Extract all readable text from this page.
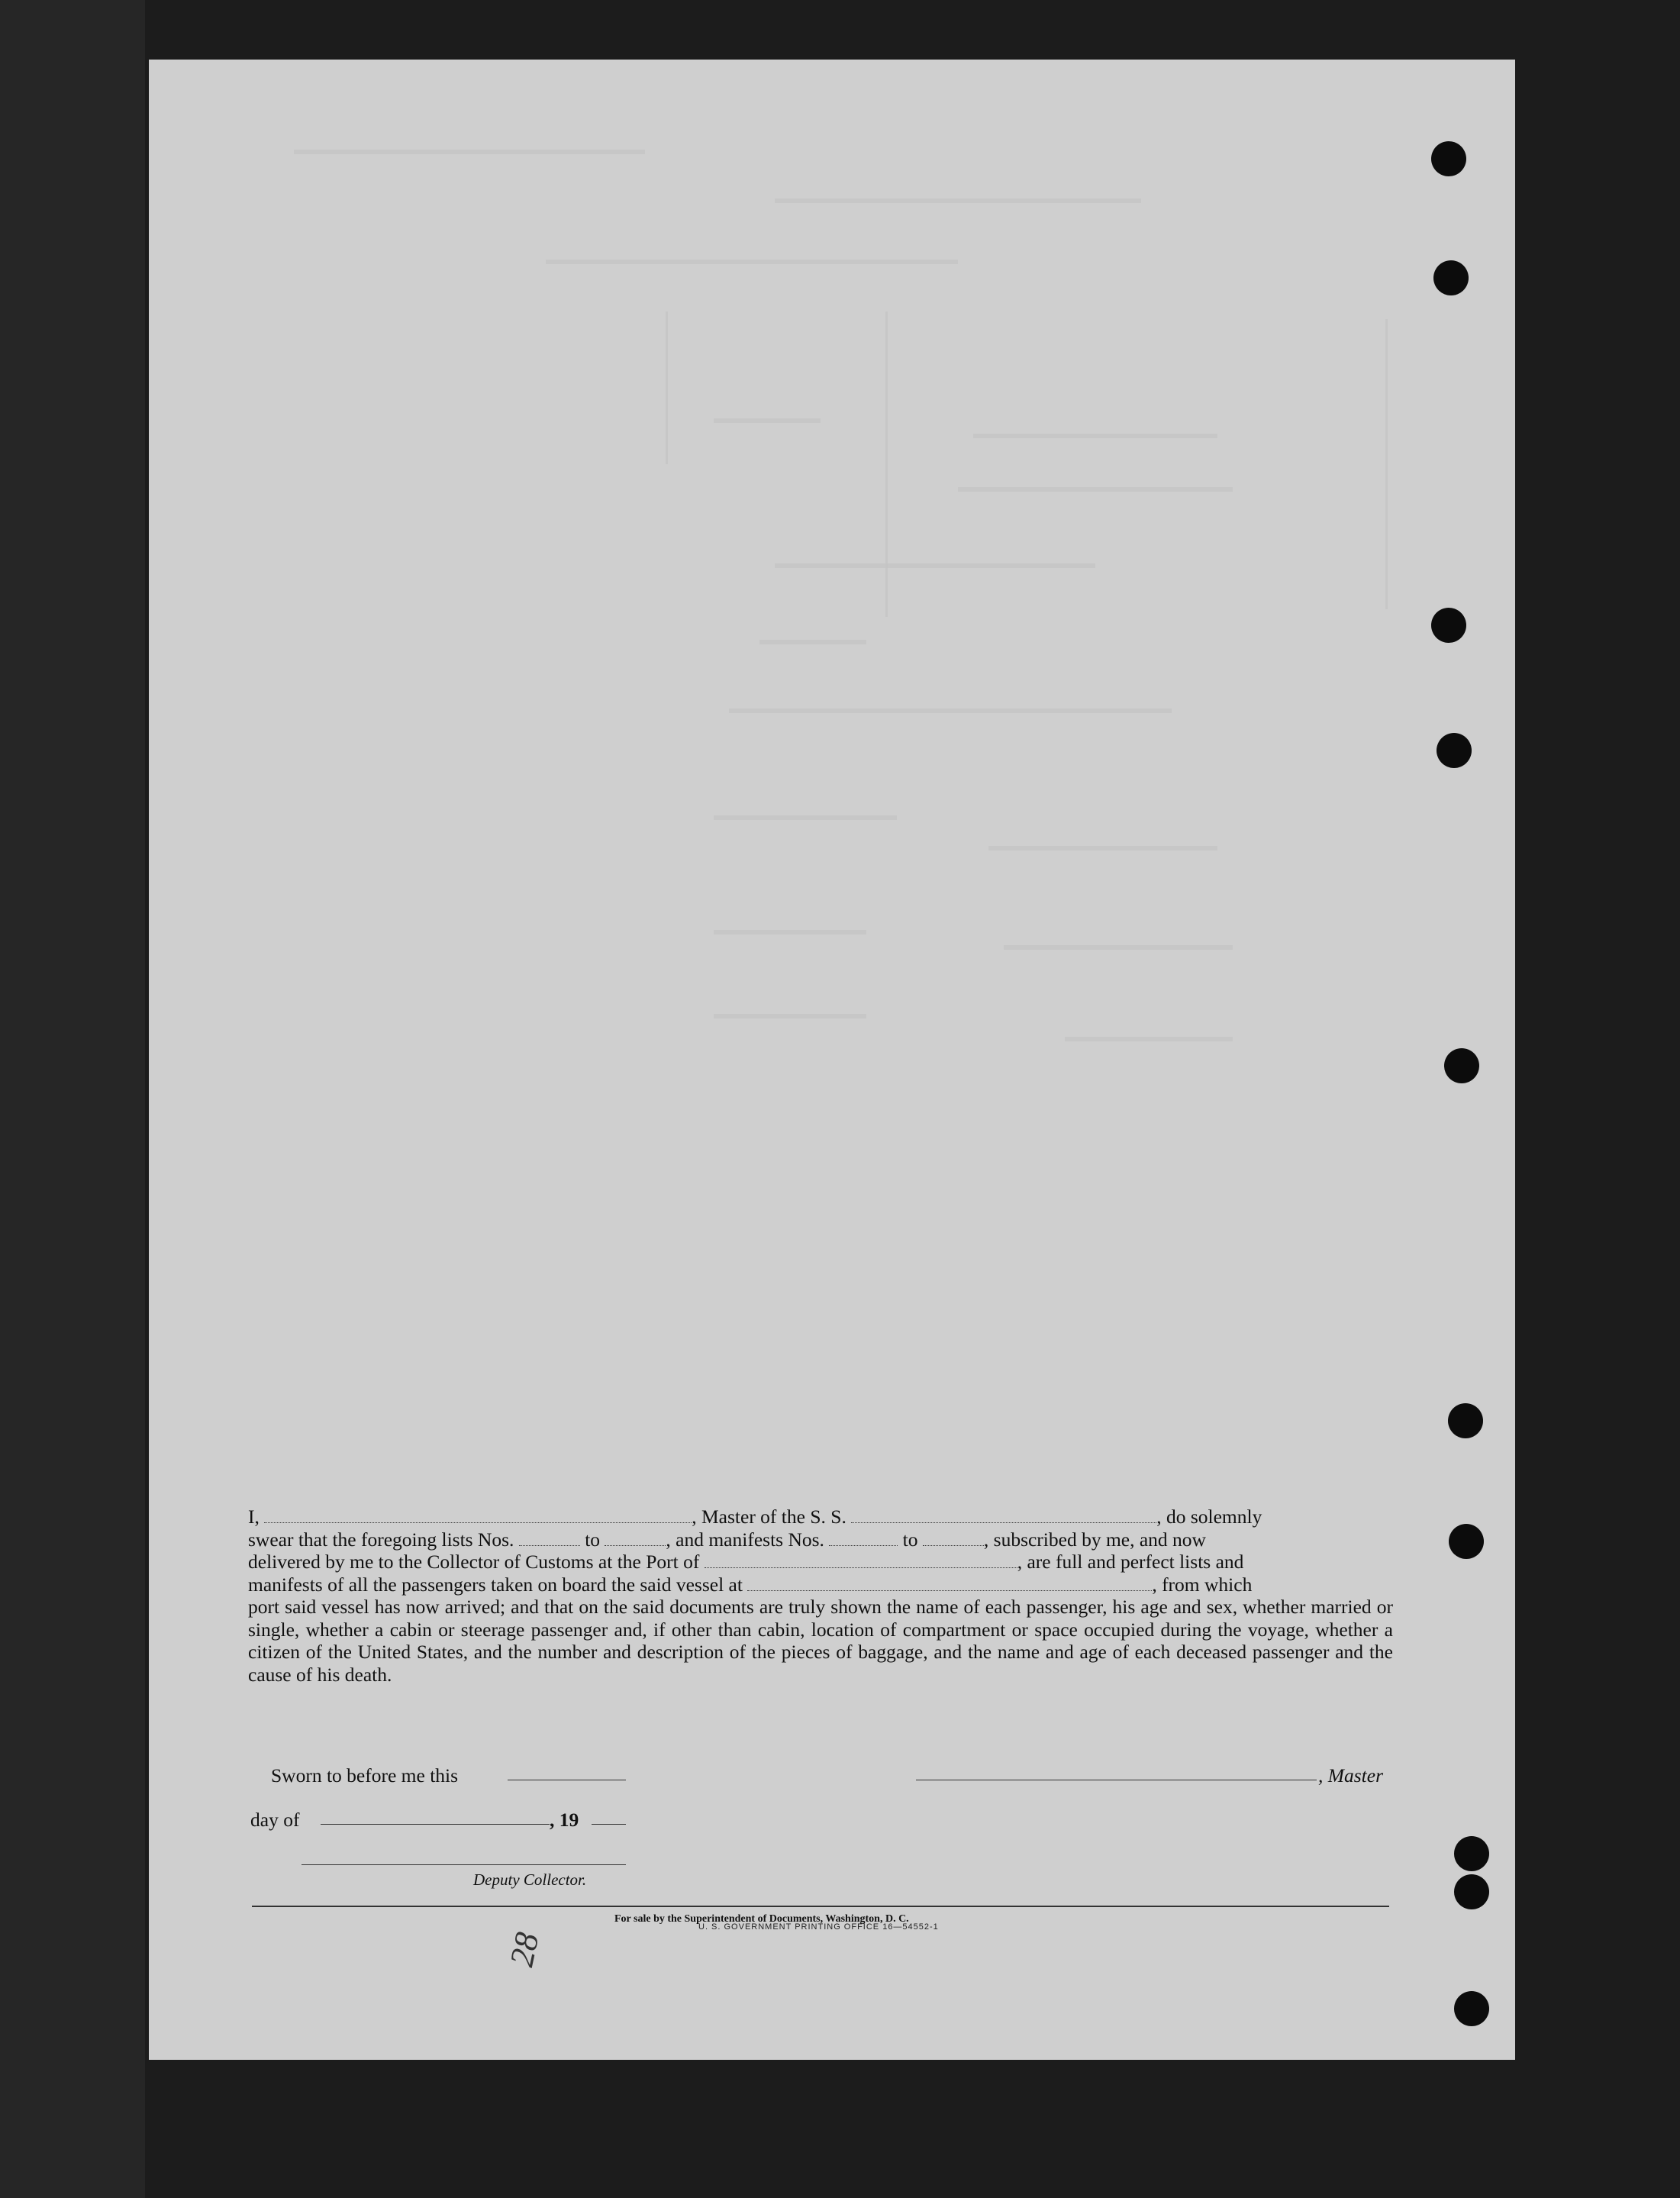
I,	, Master of the S. S.	, do solemnly
swear that the foregoing lists Nos.	to	, and manifests Nos.	to	, subscribed by me, and now
delivered by me to the Collector of Customs at the Port of	, are full and perfect lists and
manifests of all the passengers taken on board the said vessel at	, from which
port said vessel has now arrived; and that on the said documents are truly shown the name of each passenger, his age and sex, whether married or single, whether a cabin or steerage passenger and, if other than cabin, location of compartment or space occupied during the voyage, whether a citizen of the United States, and the number and description of the pieces of baggage, and the name and age of each deceased passenger and the cause of his death.
Sworn to before me this	, Master
day of	, 19
Deputy Collector.
U. S. GOVERNMENT PRINTING OFFICE 16—54552-1
For sale by the Superintendent of Documents, Washington, D. C.
28
